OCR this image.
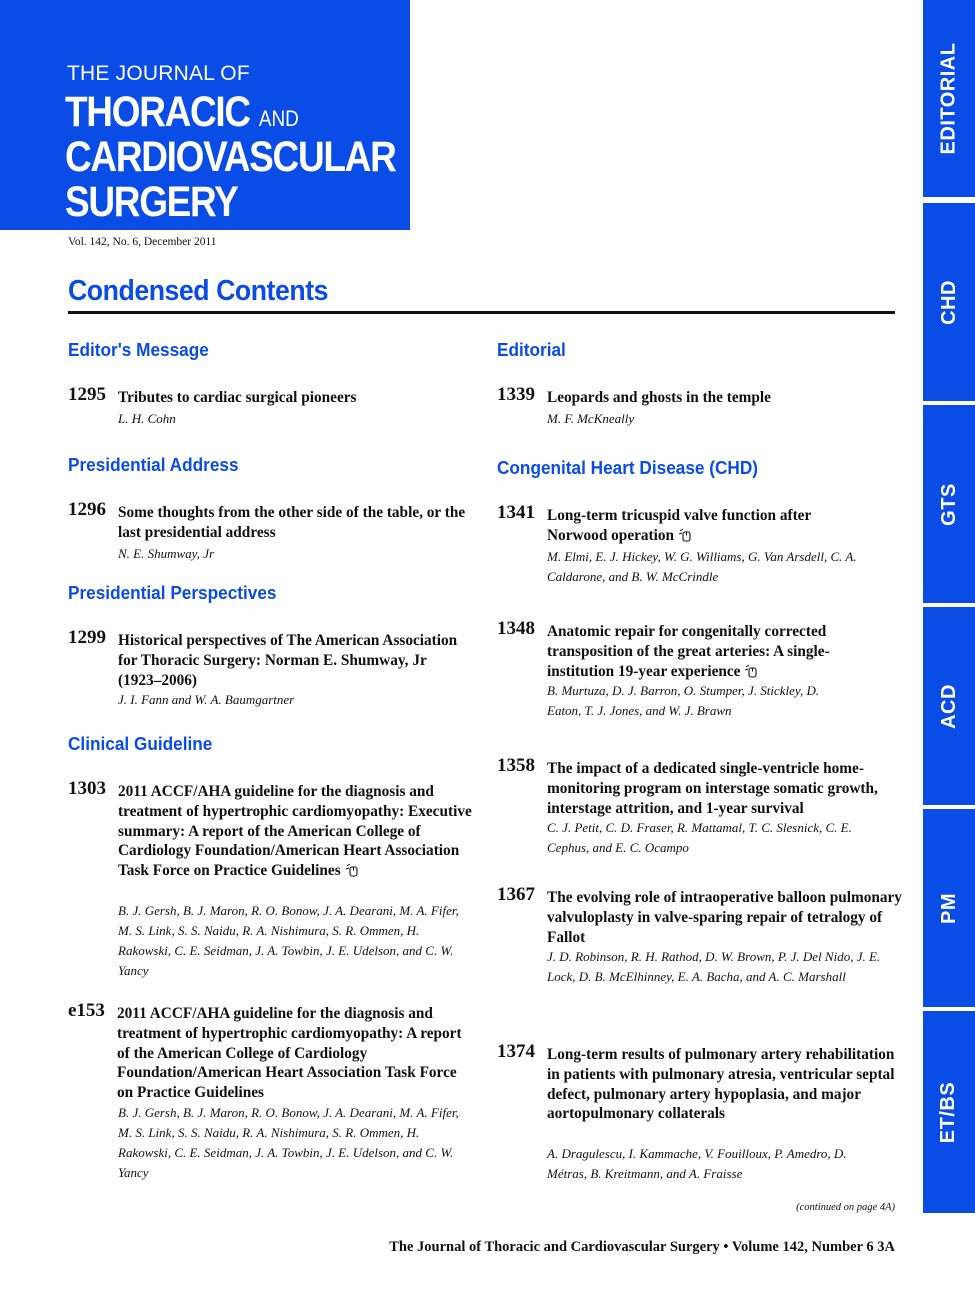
THE JOURNAL OF
THORACIC AND
CARDIOVASCULAR
SURGERY
Vol. 142, No. 6, December 2011
Condensed Contents
Editor's Message
1295 Tributes to cardiac surgical pioneers
L. H. Cohn
Presidential Address
1296 Some thoughts from the other side of the table, or the last presidential address
N. E. Shumway, Jr
Presidential Perspectives
1299 Historical perspectives of The American Association for Thoracic Surgery: Norman E. Shumway, Jr (1923–2006)
J. I. Fann and W. A. Baumgartner
Clinical Guideline
1303 2011 ACCF/AHA guideline for the diagnosis and treatment of hypertrophic cardiomyopathy: Executive summary: A report of the American College of Cardiology Foundation/American Heart Association Task Force on Practice Guidelines
B. J. Gersh, B. J. Maron, R. O. Bonow, J. A. Dearani, M. A. Fifer, M. S. Link, S. S. Naidu, R. A. Nishimura, S. R. Ommen, H. Rakowski, C. E. Seidman, J. A. Towbin, J. E. Udelson, and C. W. Yancy
e153 2011 ACCF/AHA guideline for the diagnosis and treatment of hypertrophic cardiomyopathy: A report of the American College of Cardiology Foundation/American Heart Association Task Force on Practice Guidelines
B. J. Gersh, B. J. Maron, R. O. Bonow, J. A. Dearani, M. A. Fifer, M. S. Link, S. S. Naidu, R. A. Nishimura, S. R. Ommen, H. Rakowski, C. E. Seidman, J. A. Towbin, J. E. Udelson, and C. W. Yancy
Editorial
1339 Leopards and ghosts in the temple
M. F. McKneally
Congenital Heart Disease (CHD)
1341 Long-term tricuspid valve function after Norwood operation
M. Elmi, E. J. Hickey, W. G. Williams, G. Van Arsdell, C. A. Caldarone, and B. W. McCrindle
1348 Anatomic repair for congenitally corrected transposition of the great arteries: A single-institution 19-year experience
B. Murtuza, D. J. Barron, O. Stumper, J. Stickley, D. Eaton, T. J. Jones, and W. J. Brawn
1358 The impact of a dedicated single-ventricle home-monitoring program on interstage somatic growth, interstage attrition, and 1-year survival
C. J. Petit, C. D. Fraser, R. Mattamal, T. C. Slesnick, C. E. Cephus, and E. C. Ocampo
1367 The evolving role of intraoperative balloon pulmonary valvuloplasty in valve-sparing repair of tetralogy of Fallot
J. D. Robinson, R. H. Rathod, D. W. Brown, P. J. Del Nido, J. E. Lock, D. B. McElhinney, E. A. Bacha, and A. C. Marshall
1374 Long-term results of pulmonary artery rehabilitation in patients with pulmonary atresia, ventricular septal defect, pulmonary artery hypoplasia, and major aortopulmonary collaterals
A. Dragulescu, I. Kammache, V. Fouilloux, P. Amedro, D. Métras, B. Kreitmann, and A. Fraisse
(continued on page 4A)
The Journal of Thoracic and Cardiovascular Surgery • Volume 142, Number 6 3A
EDITORIAL
CHD
GTS
ACD
PM
ET/BS
